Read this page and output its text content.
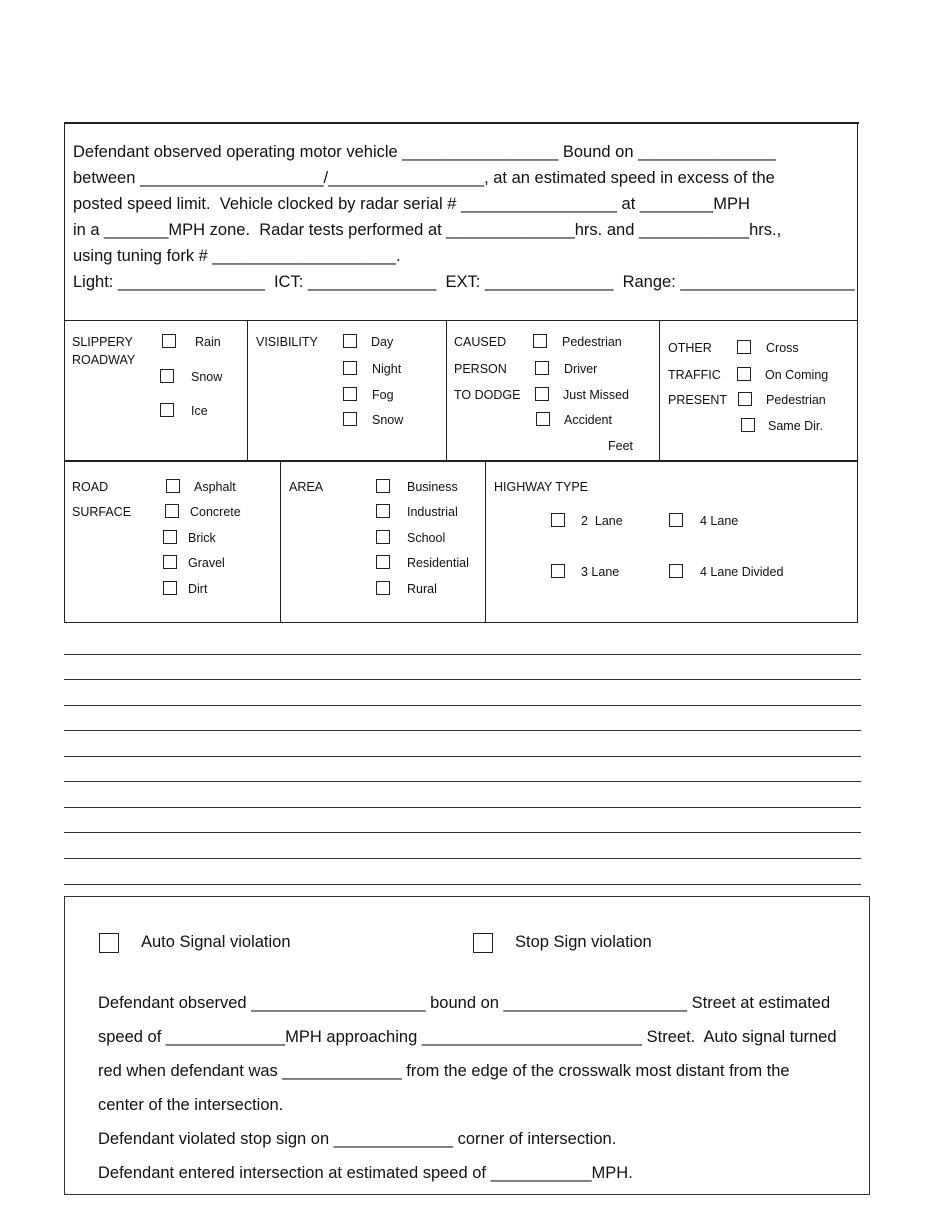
Defendant observed operating motor vehicle _________________ Bound on _______________
between ____________________/_________________, at an estimated speed in excess of the
posted speed limit.  Vehicle clocked by radar serial # _________________ at ________MPH
in a _______MPH zone.  Radar tests performed at ______________hrs. and ____________hrs.,
using tuning fork # ____________________.
Light: ________________  ICT: ______________  EXT: ______________  Range: ___________________
SLIPPERY
ROADWAY
Rain
Snow
Ice
VISIBILITY	Day
Night
Fog
Snow
CAUSED
PERSON
TO DODGE
Pedestrian
Driver
Just Missed
Accident
Feet
OTHER
TRAFFIC
PRESENT
Cross
On Coming
Pedestrian
Same Dir.
ROAD
SURFACE
Asphalt
Concrete
Brick
Gravel
Dirt
AREA	Business
Industrial
School
Residential
Rural
HIGHWAY TYPE
2  Lane	4 Lane
3 Lane	4 Lane Divided
Auto Signal violation	Stop Sign violation
Defendant observed ___________________ bound on ____________________ Street at estimated
speed of _____________MPH approaching ________________________ Street.  Auto signal turned
red when defendant was _____________ from the edge of the crosswalk most distant from the
center of the intersection.
Defendant violated stop sign on _____________ corner of intersection.
Defendant entered intersection at estimated speed of ___________MPH.
